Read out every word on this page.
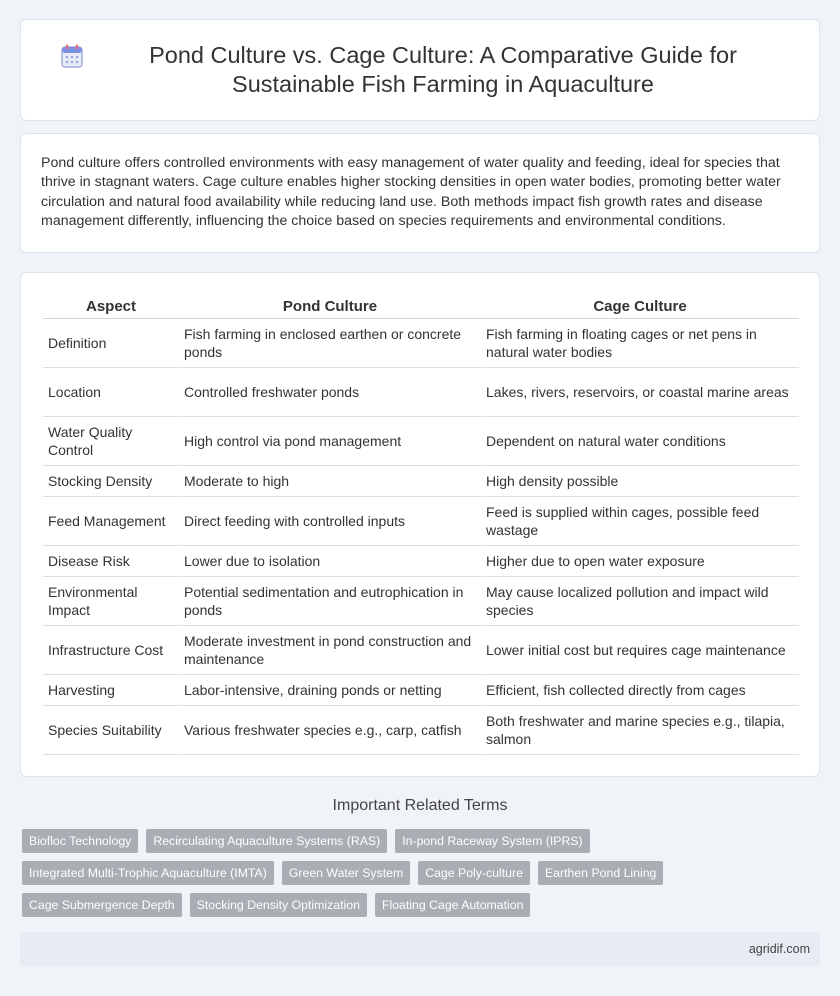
Pond Culture vs. Cage Culture: A Comparative Guide for Sustainable Fish Farming in Aquaculture

Pond culture offers controlled environments with easy management of water quality and feeding, ideal for species that thrive in stagnant waters. Cage culture enables higher stocking densities in open water bodies, promoting better water circulation and natural food availability while reducing land use. Both methods impact fish growth rates and disease management differently, influencing the choice based on species requirements and environmental conditions.

Aspect	Pond Culture	Cage Culture
Definition	Fish farming in enclosed earthen or concrete ponds	Fish farming in floating cages or net pens in natural water bodies
Location	Controlled freshwater ponds	Lakes, rivers, reservoirs, or coastal marine areas
Water Quality Control	High control via pond management	Dependent on natural water conditions
Stocking Density	Moderate to high	High density possible
Feed Management	Direct feeding with controlled inputs	Feed is supplied within cages, possible feed wastage
Disease Risk	Lower due to isolation	Higher due to open water exposure
Environmental Impact	Potential sedimentation and eutrophication in ponds	May cause localized pollution and impact wild species
Infrastructure Cost	Moderate investment in pond construction and maintenance	Lower initial cost but requires cage maintenance
Harvesting	Labor-intensive, draining ponds or netting	Efficient, fish collected directly from cages
Species Suitability	Various freshwater species e.g., carp, catfish	Both freshwater and marine species e.g., tilapia, salmon
Important Related Terms
Biofloc Technology	Recirculating Aquaculture Systems (RAS)	In-pond Raceway System (IPRS)
Integrated Multi-Trophic Aquaculture (IMTA)	Green Water System	Cage Poly-culture	Earthen Pond Lining
Cage Submergence Depth	Stocking Density Optimization	Floating Cage Automation
agridif.com
